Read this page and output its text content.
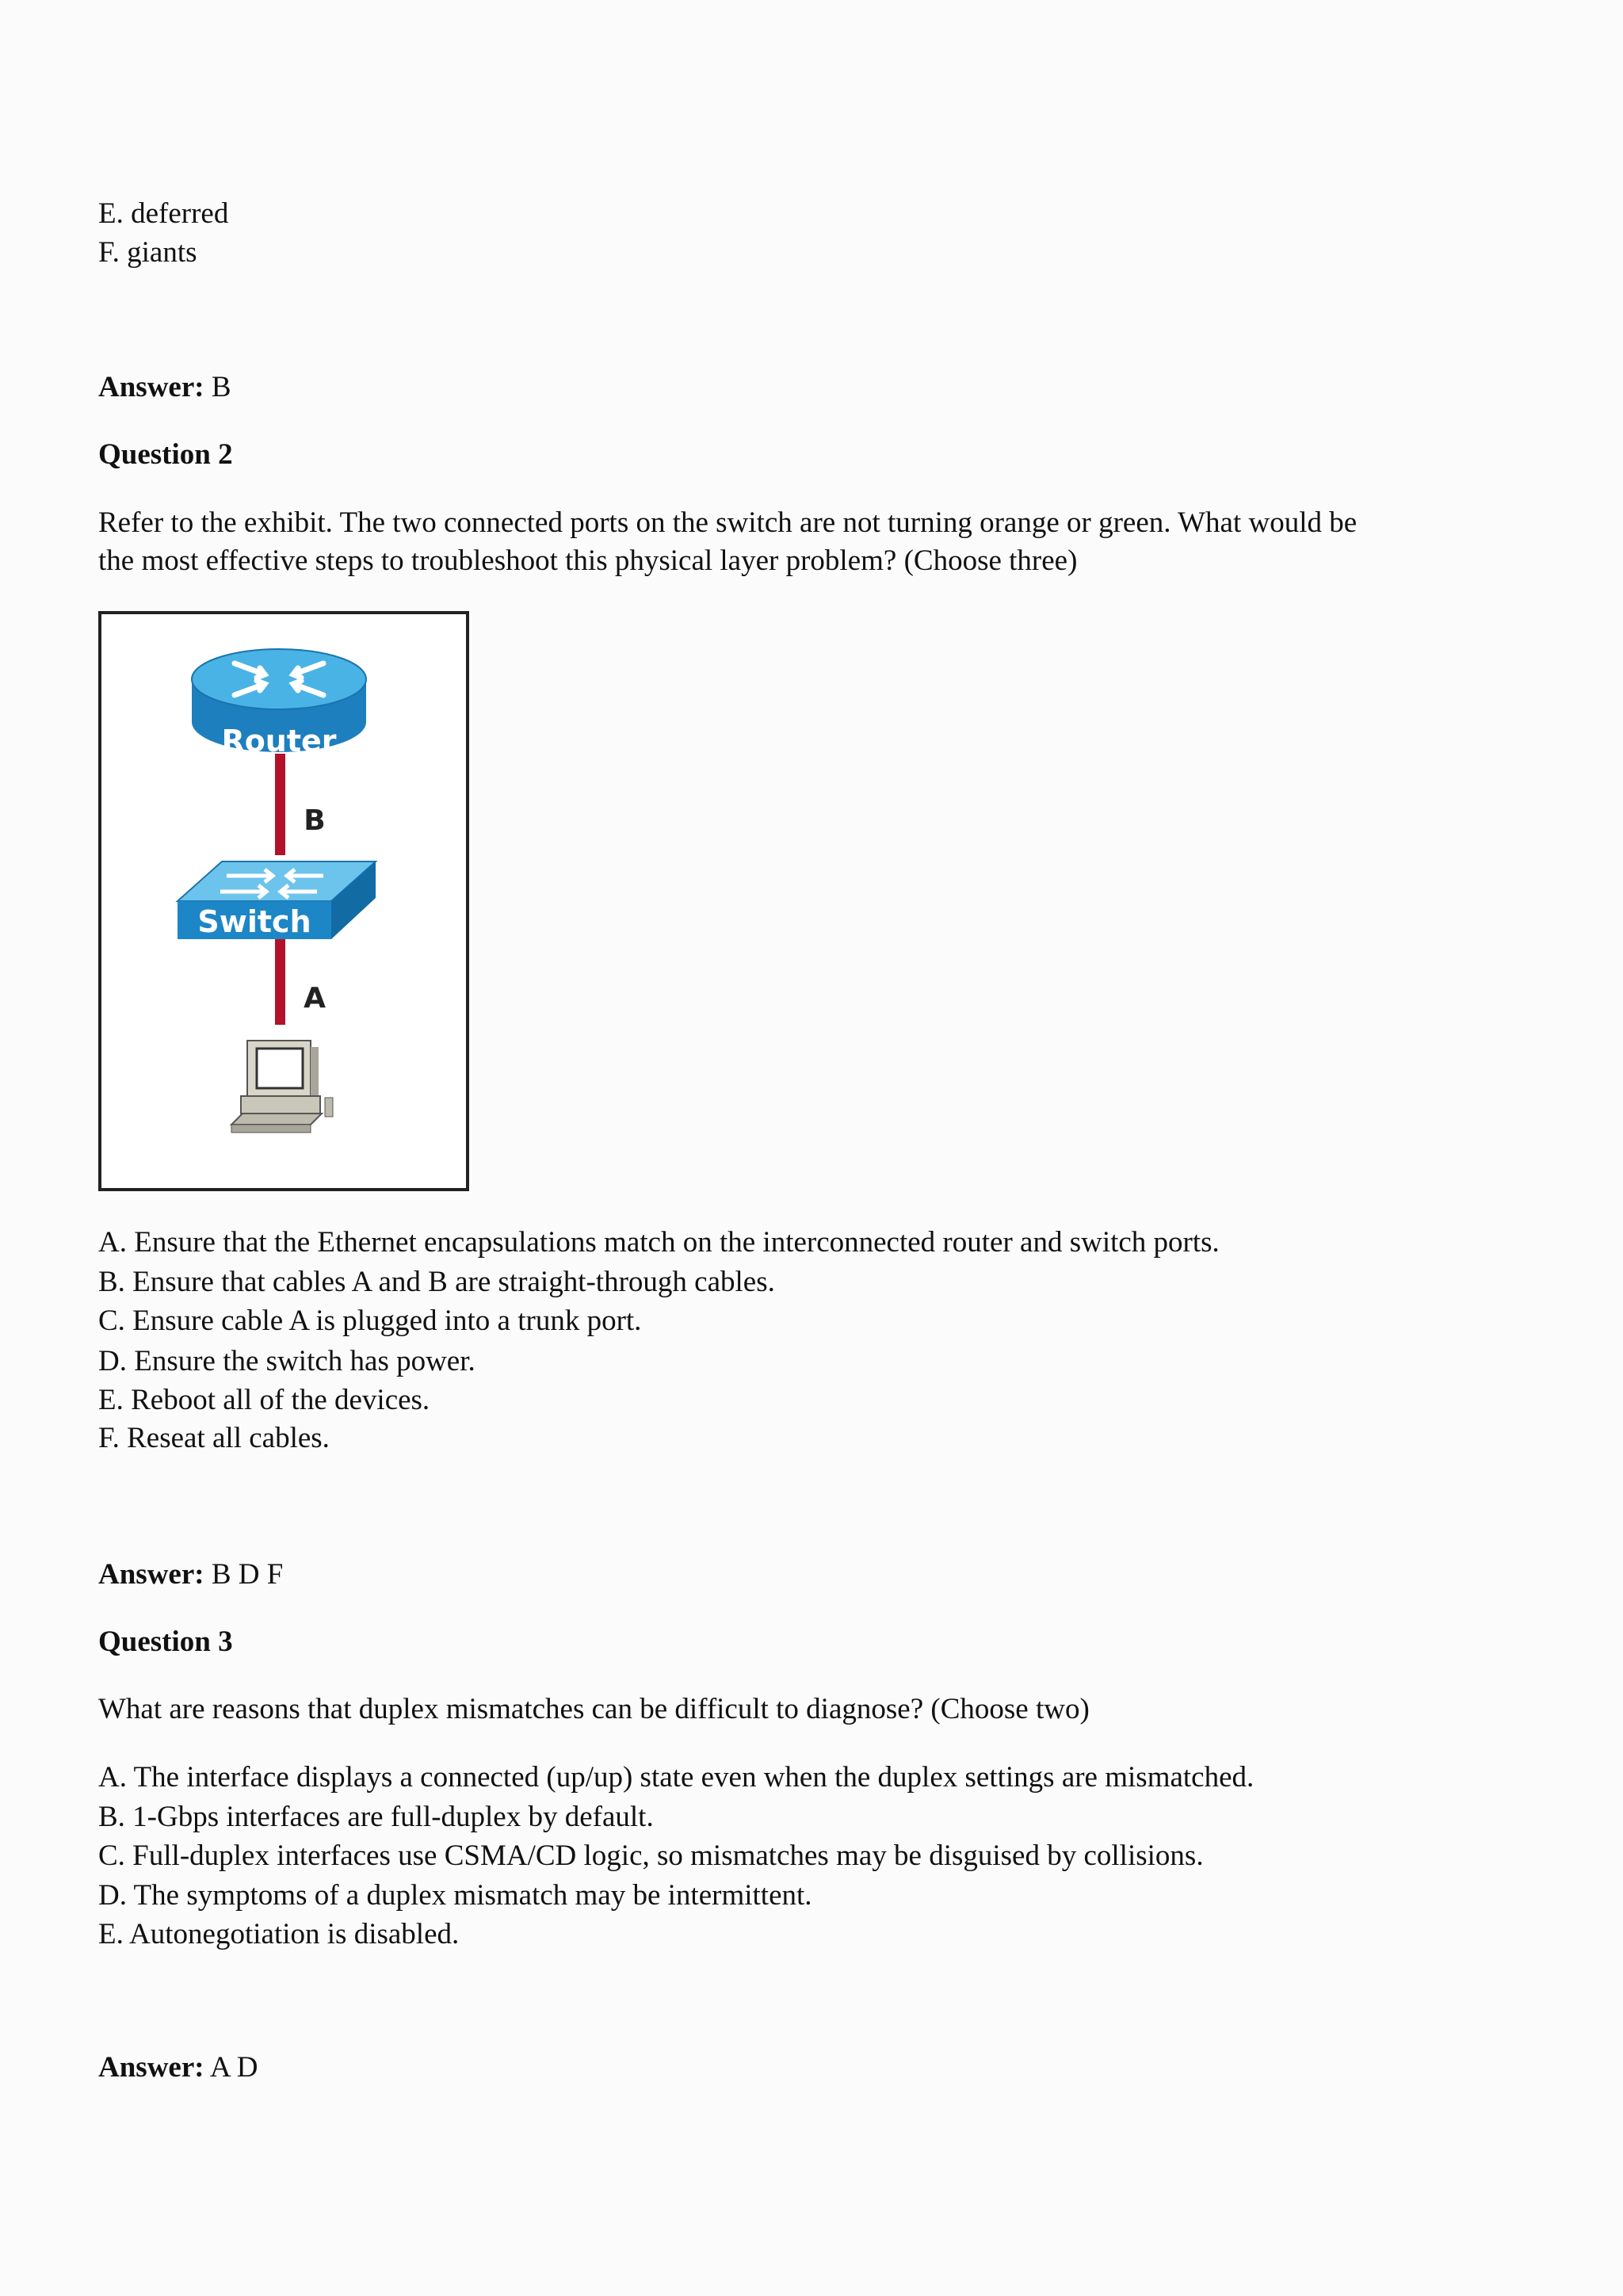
E. deferred
F. giants
Answer: B
Question 2
Refer to the exhibit. The two connected ports on the switch are not turning orange or green. What would be
the most effective steps to troubleshoot this physical layer problem? (Choose three)
Router
B
Switch
A
A. Ensure that the Ethernet encapsulations match on the interconnected router and switch ports.
B. Ensure that cables A and B are straight-through cables.
C. Ensure cable A is plugged into a trunk port.
D. Ensure the switch has power.
E. Reboot all of the devices.
F. Reseat all cables.
Answer: B D F
Question 3
What are reasons that duplex mismatches can be difficult to diagnose? (Choose two)
A. The interface displays a connected (up/up) state even when the duplex settings are mismatched.
B. 1-Gbps interfaces are full-duplex by default.
C. Full-duplex interfaces use CSMA/CD logic, so mismatches may be disguised by collisions.
D. The symptoms of a duplex mismatch may be intermittent.
E. Autonegotiation is disabled.
Answer: A D
